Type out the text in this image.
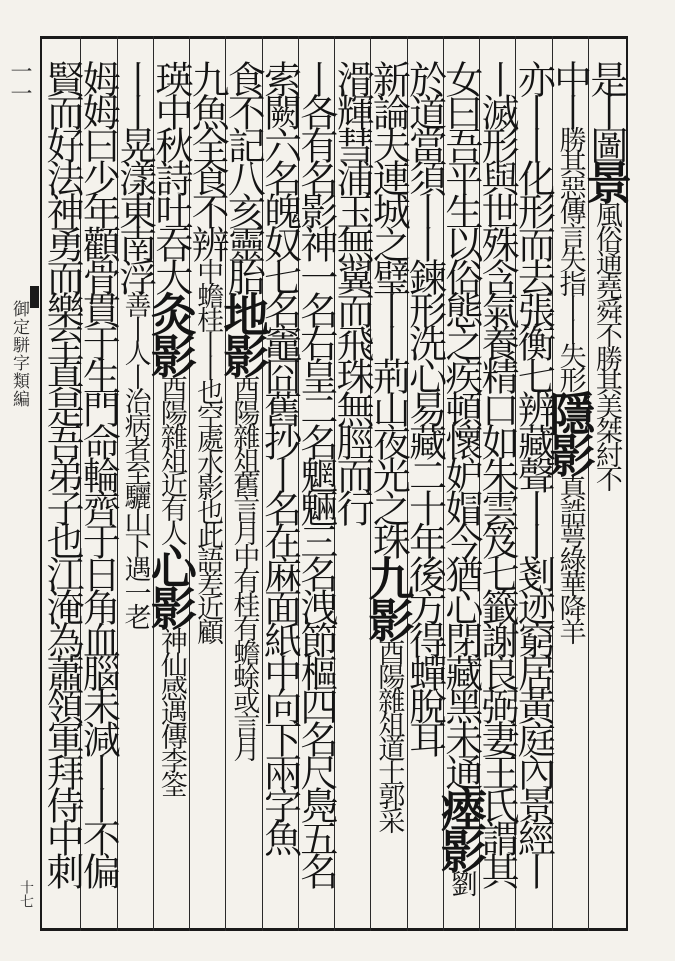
一一
御定駢字類編
十七
是丨圖景風俗通堯舜不勝其美桀紂不
中丨勝其惡傳言失指丨丨失形隱影真誥萼綠華降羊
亦丨丨化形而去張衡七辨藏聲丨丨剗迹窮居黃庭內景經丨
丨滅形與世殊含氣養精口如朱雲笈七籤謝良弼妻王氏謂其
女曰吾平生以俗態之疾頓懷妒媢今猶心閉藏黑未通瘞影劉
於道當須丨丨鍊形洗心易藏二十年後方得蟬脫耳
新論夫連城之璧丨丨荊山夜光之珠九影酉陽雜俎道士郭采
滑輝彗浦玉無翼而飛珠無脛而行
丨各有名影神一名右皇二名魍魎三名洩節樞四名尺鳧五名
索闕六名魄奴七名竈囧舊抄丨名在麻面紙中向下兩字魚
食不記八亥靈胎地影酉陽雜俎舊言月中有桂有蟾蜍或言月
九魚全食不辨中蟾桂丨丨也空處水影也此語差近顧
瑛中秋詩吐吞大灸影酉陽雜俎近有人心影神仙感遇傳李筌
丨丨晃漾東南浮善丨人丨治病者至驪山下遇一老
姆姆曰少年顴骨貫于生門命輪齊于日角血腦未減丨丨不偏
賢而好法神勇而樂至真是吾弟子也江淹為蕭領軍拜侍中刺
